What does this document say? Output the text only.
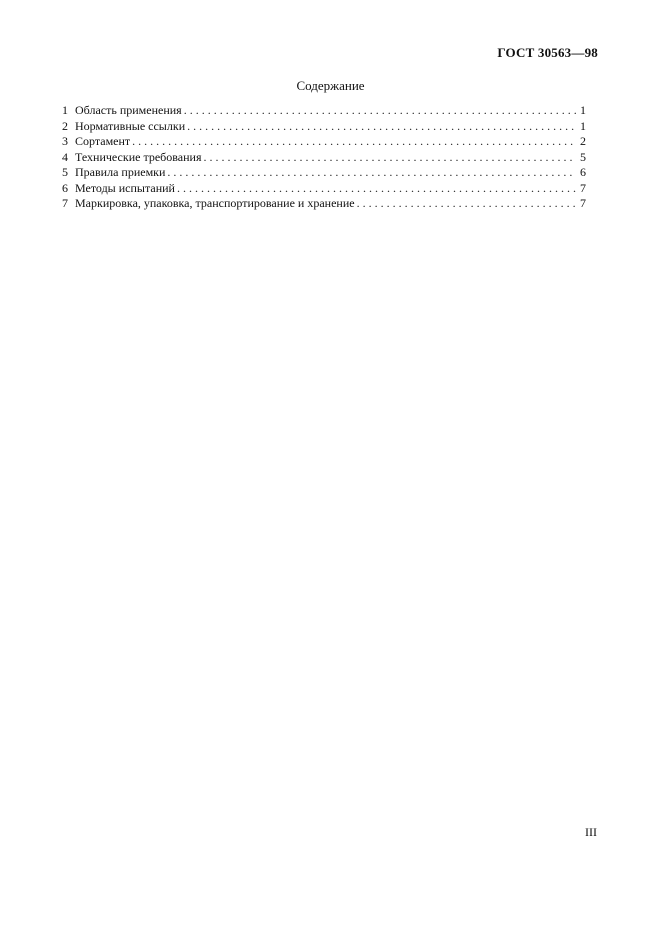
ГОСТ 30563—98
Содержание
1 Область применения . . .	1
2 Нормативные ссылки . . .	1
3 Сортамент . . .	2
4 Технические требования . . .	5
5 Правила приемки . . .	6
6 Методы испытаний . . .	7
7 Маркировка, упаковка, транспортирование и хранение . . .	7
III
